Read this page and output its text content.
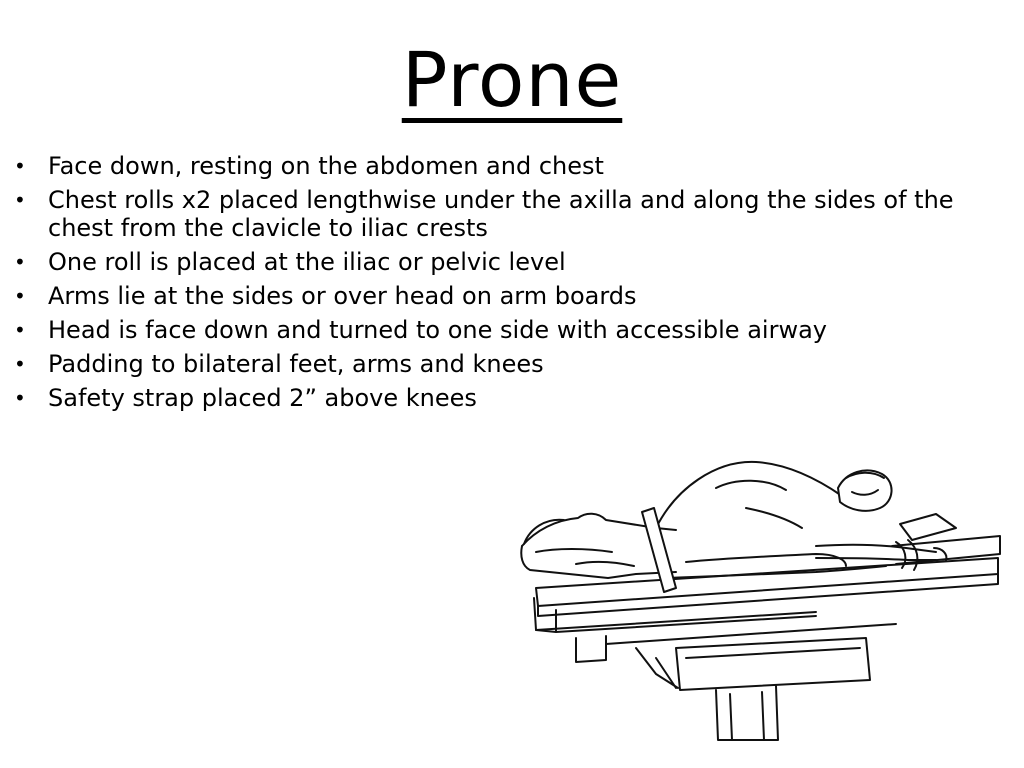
Prone
• Face down, resting on the abdomen and chest
• Chest rolls x2 placed lengthwise under the axilla and along the sides of the chest from the clavicle to iliac crests
• One roll is placed at the iliac or pelvic level
• Arms lie at the sides or over head on arm boards
• Head is face down and turned to one side with accessible airway
• Padding to bilateral feet, arms and knees
• Safety strap placed 2” above knees
